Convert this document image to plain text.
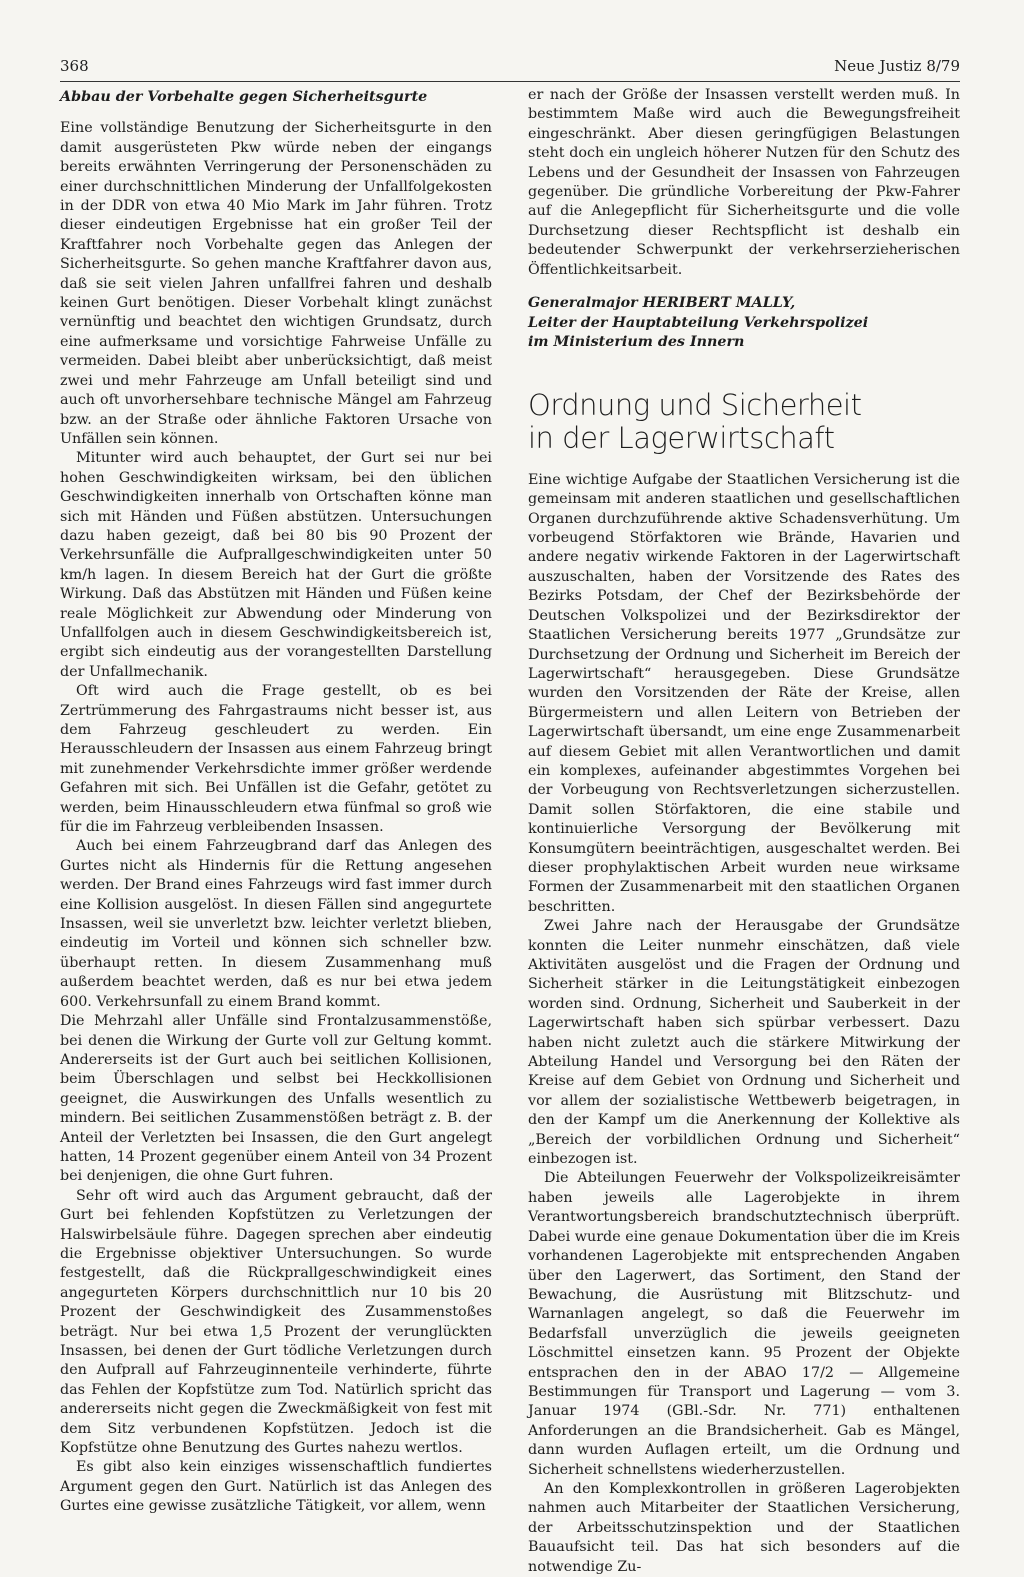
368	Neue Justiz 8/79
Abbau der Vorbehalte gegen Sicherheitsgurte

Eine vollständige Benutzung der Sicherheitsgurte in den damit ausgerüsteten Pkw würde neben der eingangs bereits erwähnten Verringerung der Personenschäden zu einer durchschnittlichen Minderung der Unfallfolgekosten in der DDR von etwa 40 Mio Mark im Jahr führen. Trotz dieser eindeutigen Ergebnisse hat ein großer Teil der Kraftfahrer noch Vorbehalte gegen das Anlegen der Sicherheitsgurte. So gehen manche Kraftfahrer davon aus, daß sie seit vielen Jahren unfallfrei fahren und deshalb keinen Gurt benötigen. Dieser Vorbehalt klingt zunächst vernünftig und beachtet den wichtigen Grundsatz, durch eine aufmerksame und vorsichtige Fahrweise Unfälle zu vermeiden. Dabei bleibt aber unberücksichtigt, daß meist zwei und mehr Fahrzeuge am Unfall beteiligt sind und auch oft unvorhersehbare technische Mängel am Fahrzeug bzw. an der Straße oder ähnliche Faktoren Ursache von Unfällen sein können.

Mitunter wird auch behauptet, der Gurt sei nur bei hohen Geschwindigkeiten wirksam, bei den üblichen Geschwindigkeiten innerhalb von Ortschaften könne man sich mit Händen und Füßen abstützen. Untersuchungen dazu haben gezeigt, daß bei 80 bis 90 Prozent der Verkehrsunfälle die Aufprallgeschwindigkeiten unter 50 km/h lagen. In diesem Bereich hat der Gurt die größte Wirkung. Daß das Abstützen mit Händen und Füßen keine reale Möglichkeit zur Abwendung oder Minderung von Unfallfolgen auch in diesem Geschwindigkeitsbereich ist, ergibt sich eindeutig aus der vorangestellten Darstellung der Unfallmechanik.

Oft wird auch die Frage gestellt, ob es bei Zertrümmerung des Fahrgastraums nicht besser ist, aus dem Fahrzeug geschleudert zu werden. Ein Herausschleudern der Insassen aus einem Fahrzeug bringt mit zunehmender Verkehrsdichte immer größer werdende Gefahren mit sich. Bei Unfällen ist die Gefahr, getötet zu werden, beim Hinausschleudern etwa fünfmal so groß wie für die im Fahrzeug verbleibenden Insassen.

Auch bei einem Fahrzeugbrand darf das Anlegen des Gurtes nicht als Hindernis für die Rettung angesehen werden. Der Brand eines Fahrzeugs wird fast immer durch eine Kollision ausgelöst. In diesen Fällen sind angegurtete Insassen, weil sie unverletzt bzw. leichter verletzt blieben, eindeutig im Vorteil und können sich schneller bzw. überhaupt retten. In diesem Zusammenhang muß außerdem beachtet werden, daß es nur bei etwa jedem 600. Verkehrsunfall zu einem Brand kommt.

Die Mehrzahl aller Unfälle sind Frontalzusammenstöße, bei denen die Wirkung der Gurte voll zur Geltung kommt. Andererseits ist der Gurt auch bei seitlichen Kollisionen, beim Überschlagen und selbst bei Heckkollisionen geeignet, die Auswirkungen des Unfalls wesentlich zu mindern. Bei seitlichen Zusammenstößen beträgt z. B. der Anteil der Verletzten bei Insassen, die den Gurt angelegt hatten, 14 Prozent gegenüber einem Anteil von 34 Prozent bei denjenigen, die ohne Gurt fuhren.

Sehr oft wird auch das Argument gebraucht, daß der Gurt bei fehlenden Kopfstützen zu Verletzungen der Halswirbelsäule führe. Dagegen sprechen aber eindeutig die Ergebnisse objektiver Untersuchungen. So wurde festgestellt, daß die Rückprallgeschwindigkeit eines angegurteten Körpers durchschnittlich nur 10 bis 20 Prozent der Geschwindigkeit des Zusammenstoßes beträgt. Nur bei etwa 1,5 Prozent der verunglückten Insassen, bei denen der Gurt tödliche Verletzungen durch den Aufprall auf Fahrzeuginnenteile verhinderte, führte das Fehlen der Kopfstütze zum Tod. Natürlich spricht das andererseits nicht gegen die Zweckmäßigkeit von fest mit dem Sitz verbundenen Kopfstützen. Jedoch ist die Kopfstütze ohne Benutzung des Gurtes nahezu wertlos.

Es gibt also kein einziges wissenschaftlich fundiertes Argument gegen den Gurt. Natürlich ist das Anlegen des Gurtes eine gewisse zusätzliche Tätigkeit, vor allem, wenn

er nach der Größe der Insassen verstellt werden muß. In bestimmtem Maße wird auch die Bewegungsfreiheit eingeschränkt. Aber diesen geringfügigen Belastungen steht doch ein ungleich höherer Nutzen für den Schutz des Lebens und der Gesundheit der Insassen von Fahrzeugen gegenüber. Die gründliche Vorbereitung der Pkw-Fahrer auf die Anlegepflicht für Sicherheitsgurte und die volle Durchsetzung dieser Rechtspflicht ist deshalb ein bedeutender Schwerpunkt der verkehrserzieherischen Öffentlichkeitsarbeit.

Generalmajor HERIBERT MALLY,
Leiter der Hauptabteilung Verkehrspolizei
im Ministerium des Innern
Ordnung und Sicherheit
in der Lagerwirtschaft

Eine wichtige Aufgabe der Staatlichen Versicherung ist die gemeinsam mit anderen staatlichen und gesellschaftlichen Organen durchzuführende aktive Schadensverhütung. Um vorbeugend Störfaktoren wie Brände, Havarien und andere negativ wirkende Faktoren in der Lagerwirtschaft auszuschalten, haben der Vorsitzende des Rates des Bezirks Potsdam, der Chef der Bezirksbehörde der Deutschen Volkspolizei und der Bezirksdirektor der Staatlichen Versicherung bereits 1977 „Grundsätze zur Durchsetzung der Ordnung und Sicherheit im Bereich der Lagerwirtschaft“ herausgegeben. Diese Grundsätze wurden den Vorsitzenden der Räte der Kreise, allen Bürgermeistern und allen Leitern von Betrieben der Lagerwirtschaft übersandt, um eine enge Zusammenarbeit auf diesem Gebiet mit allen Verantwortlichen und damit ein komplexes, aufeinander abgestimmtes Vorgehen bei der Vorbeugung von Rechtsverletzungen sicherzustellen. Damit sollen Störfaktoren, die eine stabile und kontinuierliche Versorgung der Bevölkerung mit Konsumgütern beeinträchtigen, ausgeschaltet werden. Bei dieser prophylaktischen Arbeit wurden neue wirksame Formen der Zusammenarbeit mit den staatlichen Organen beschritten.

Zwei Jahre nach der Herausgabe der Grundsätze konnten die Leiter nunmehr einschätzen, daß viele Aktivitäten ausgelöst und die Fragen der Ordnung und Sicherheit stärker in die Leitungstätigkeit einbezogen worden sind. Ordnung, Sicherheit und Sauberkeit in der Lagerwirtschaft haben sich spürbar verbessert. Dazu haben nicht zuletzt auch die stärkere Mitwirkung der Abteilung Handel und Versorgung bei den Räten der Kreise auf dem Gebiet von Ordnung und Sicherheit und vor allem der sozialistische Wettbewerb beigetragen, in den der Kampf um die Anerkennung der Kollektive als „Bereich der vorbildlichen Ordnung und Sicherheit“ einbezogen ist.

Die Abteilungen Feuerwehr der Volkspolizeikreisämter haben jeweils alle Lagerobjekte in ihrem Verantwortungsbereich brandschutztechnisch überprüft. Dabei wurde eine genaue Dokumentation über die im Kreis vorhandenen Lagerobjekte mit entsprechenden Angaben über den Lagerwert, das Sortiment, den Stand der Bewachung, die Ausrüstung mit Blitzschutz- und Warnanlagen angelegt, so daß die Feuerwehr im Bedarfsfall unverzüglich die jeweils geeigneten Löschmittel einsetzen kann. 95 Prozent der Objekte entsprachen den in der ABAO 17/2 — Allgemeine Bestimmungen für Transport und Lagerung — vom 3. Januar 1974 (GBl.-Sdr. Nr. 771) enthaltenen Anforderungen an die Brandsicherheit. Gab es Mängel, dann wurden Auflagen erteilt, um die Ordnung und Sicherheit schnellstens wiederherzustellen.

An den Komplexkontrollen in größeren Lagerobjekten nahmen auch Mitarbeiter der Staatlichen Versicherung, der Arbeitsschutzinspektion und der Staatlichen Bauaufsicht teil. Das hat sich besonders auf die notwendige Zu-
